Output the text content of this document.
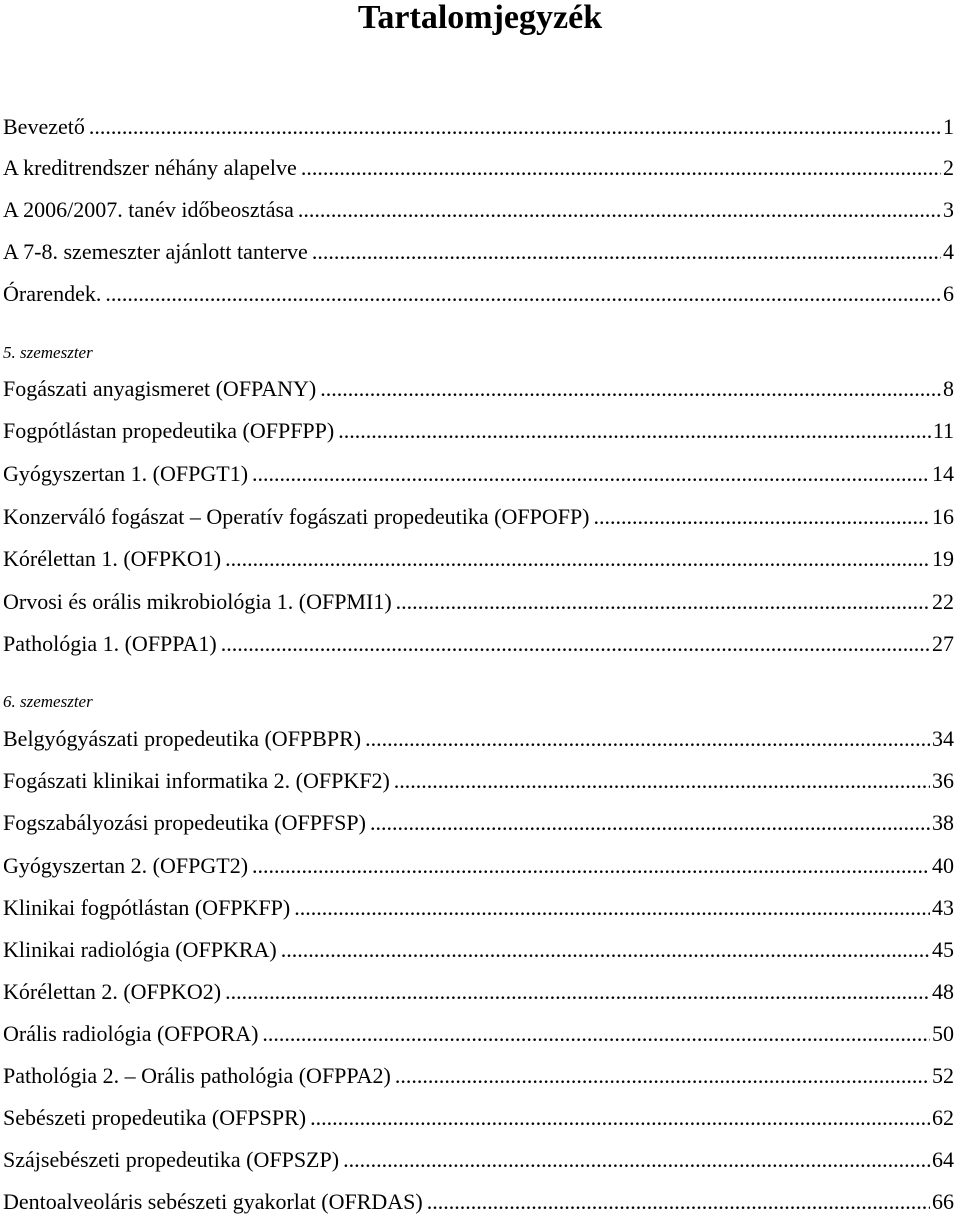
Tartalomjegyzék
Bevezető .....	1
A kreditrendszer néhány alapelve .....	2
A 2006/2007. tanév időbeosztása .....	3
A 7-8. szemeszter ajánlott tanterve .....	4
Órarendek. .....	6
5. szemeszter
Fogászati anyagismeret (OFPANY) .....	8
Fogpótlástan propedeutika (OFPFPP) .....	11
Gyógyszertan 1. (OFPGT1) .....	14
Konzerváló fogászat – Operatív fogászati propedeutika (OFPOFP) .....	16
Kórélettan 1. (OFPKO1) .....	19
Orvosi és orális mikrobiológia 1. (OFPMI1) .....	22
Pathológia 1. (OFPPA1) .....	27
6. szemeszter
Belgyógyászati propedeutika (OFPBPR) .....	34
Fogászati klinikai informatika 2. (OFPKF2) .....	36
Fogszabályozási propedeutika (OFPFSP) .....	38
Gyógyszertan 2. (OFPGT2) .....	40
Klinikai fogpótlástan (OFPKFP) .....	43
Klinikai radiológia (OFPKRA) .....	45
Kórélettan 2. (OFPKO2) .....	48
Orális radiológia (OFPORA) .....	50
Pathológia 2. – Orális pathológia (OFPPA2) .....	52
Sebészeti propedeutika (OFPSPR) .....	62
Szájsebészeti propedeutika (OFPSZP) .....	64
Dentoalveoláris sebészeti gyakorlat (OFRDAS) .....	66
